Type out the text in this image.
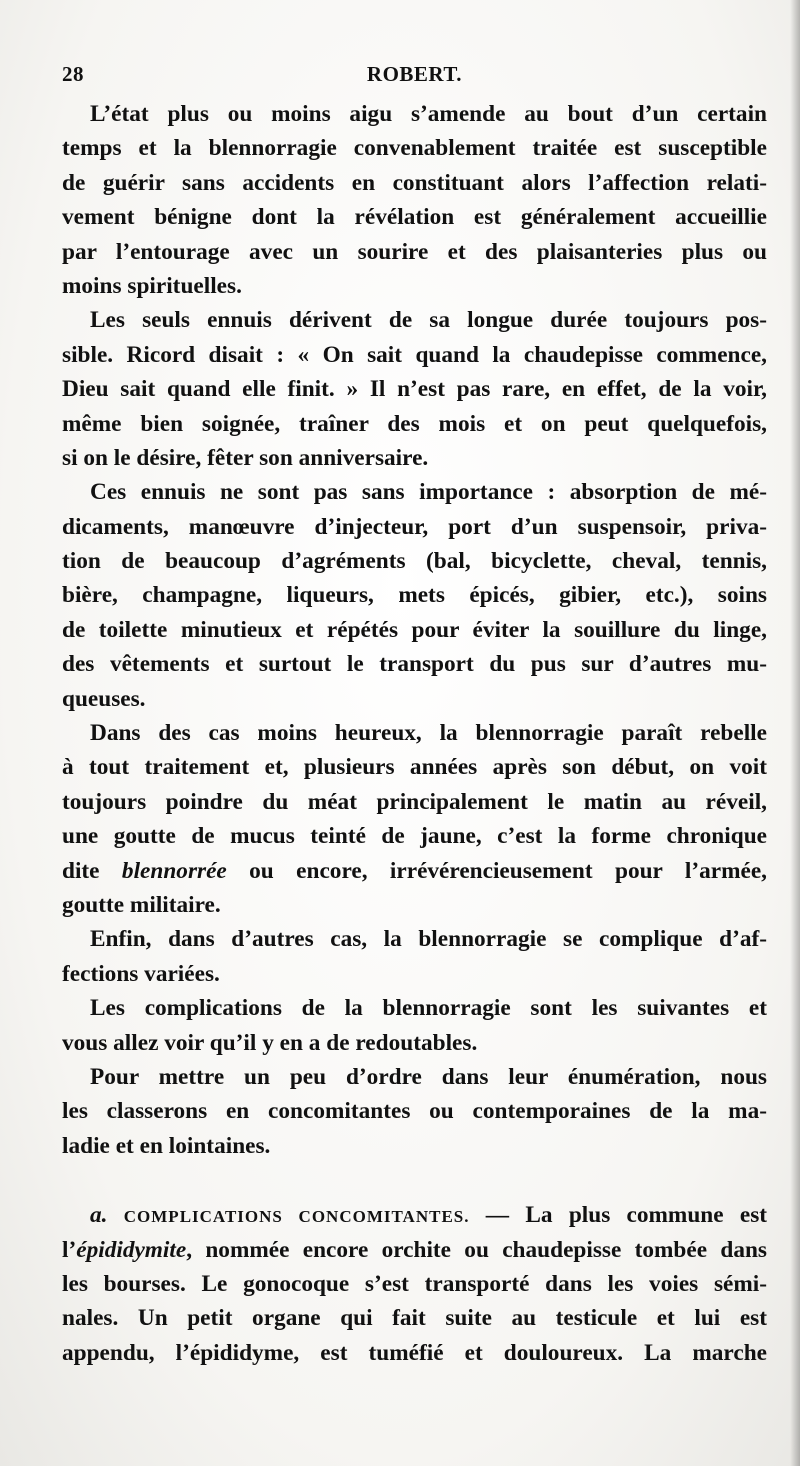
28	ROBERT.
L’état plus ou moins aigu s’amende au bout d’un certain
temps et la blennorragie convenablement traitée est susceptible
de guérir sans accidents en constituant alors l’affection relati-
vement bénigne dont la révélation est généralement accueillie
par l’entourage avec un sourire et des plaisanteries plus ou
moins spirituelles.
Les seuls ennuis dérivent de sa longue durée toujours pos-
sible. Ricord disait : « On sait quand la chaudepisse commence,
Dieu sait quand elle finit. » Il n’est pas rare, en effet, de la voir,
même bien soignée, traîner des mois et on peut quelquefois,
si on le désire, fêter son anniversaire.
Ces ennuis ne sont pas sans importance : absorption de mé-
dicaments, manœuvre d’injecteur, port d’un suspensoir, priva-
tion de beaucoup d’agréments (bal, bicyclette, cheval, tennis,
bière, champagne, liqueurs, mets épicés, gibier, etc.), soins
de toilette minutieux et répétés pour éviter la souillure du linge,
des vêtements et surtout le transport du pus sur d’autres mu-
queuses.
Dans des cas moins heureux, la blennorragie paraît rebelle
à tout traitement et, plusieurs années après son début, on voit
toujours poindre du méat principalement le matin au réveil,
une goutte de mucus teinté de jaune, c’est la forme chronique
dite blennorrée ou encore, irrévérencieusement pour l’armée,
goutte militaire.
Enfin, dans d’autres cas, la blennorragie se complique d’af-
fections variées.
Les complications de la blennorragie sont les suivantes et
vous allez voir qu’il y en a de redoutables.
Pour mettre un peu d’ordre dans leur énumération, nous
les classerons en concomitantes ou contemporaines de la ma-
ladie et en lointaines.
a. COMPLICATIONS CONCOMITANTES. — La plus commune est
l’épididymite, nommée encore orchite ou chaudepisse tombée dans
les bourses. Le gonocoque s’est transporté dans les voies sémi-
nales. Un petit organe qui fait suite au testicule et lui est
appendu, l’épididyme, est tuméfié et douloureux. La marche
